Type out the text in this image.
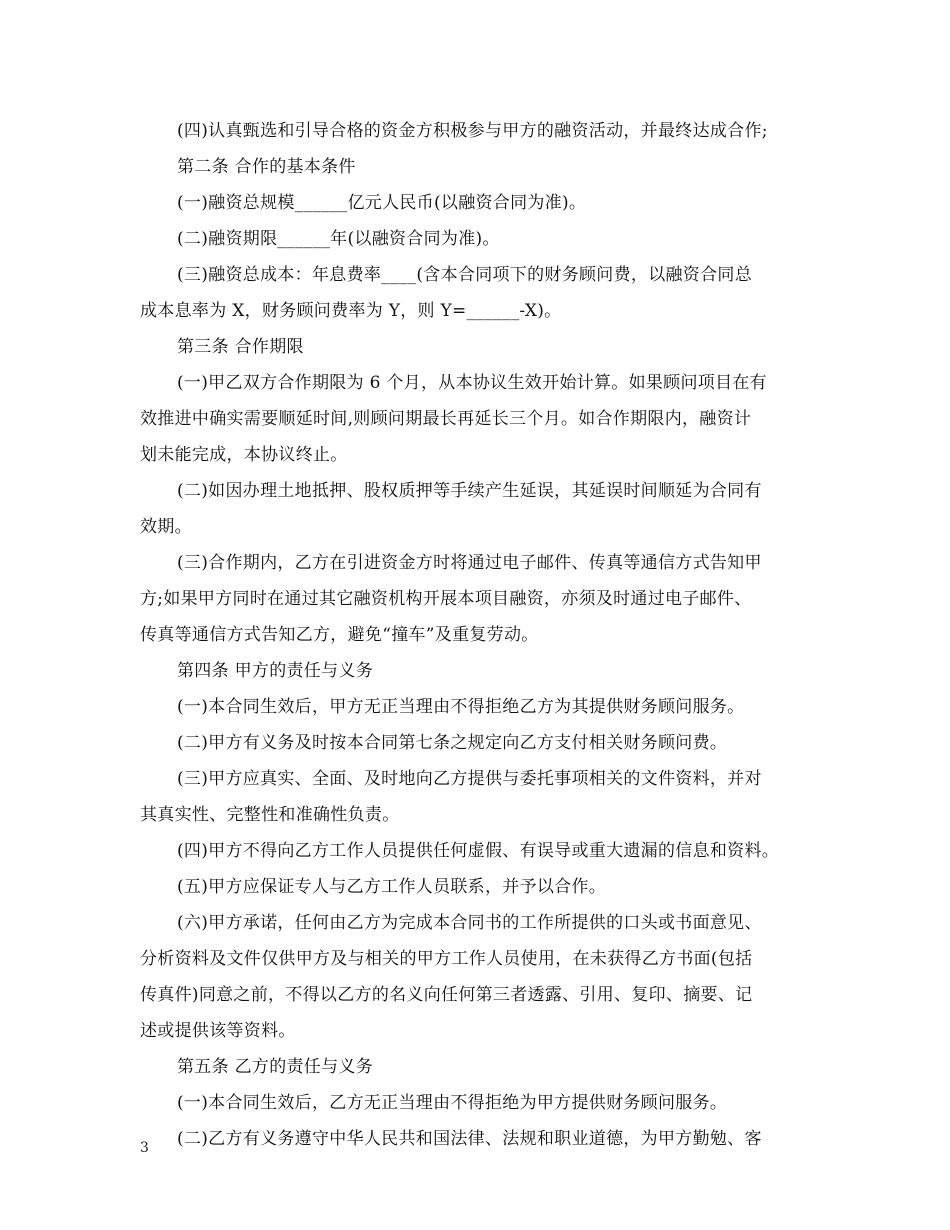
(四)认真甄选和引导合格的资金方积极参与甲方的融资活动，并最终达成合作;
第二条 合作的基本条件
(一)融资总规模______亿元人民币(以融资合同为准)。
(二)融资期限______年(以融资合同为准)。
(三)融资总成本：年息费率____(含本合同项下的财务顾问费，以融资合同总
成本息率为 X，财务顾问费率为 Y，则 Y=______-X)。
第三条 合作期限
(一)甲乙双方合作期限为 6 个月，从本协议生效开始计算。如果顾问项目在有
效推进中确实需要顺延时间,则顾问期最长再延长三个月。如合作期限内，融资计
划未能完成，本协议终止。
(二)如因办理土地抵押、股权质押等手续产生延误，其延误时间顺延为合同有
效期。
(三)合作期内，乙方在引进资金方时将通过电子邮件、传真等通信方式告知甲
方;如果甲方同时在通过其它融资机构开展本项目融资，亦须及时通过电子邮件、
传真等通信方式告知乙方，避免“撞车”及重复劳动。
第四条 甲方的责任与义务
(一)本合同生效后，甲方无正当理由不得拒绝乙方为其提供财务顾问服务。
(二)甲方有义务及时按本合同第七条之规定向乙方支付相关财务顾问费。
(三)甲方应真实、全面、及时地向乙方提供与委托事项相关的文件资料，并对
其真实性、完整性和准确性负责。
(四)甲方不得向乙方工作人员提供任何虚假、有误导或重大遗漏的信息和资料。
(五)甲方应保证专人与乙方工作人员联系，并予以合作。
(六)甲方承诺，任何由乙方为完成本合同书的工作所提供的口头或书面意见、
分析资料及文件仅供甲方及与相关的甲方工作人员使用，在未获得乙方书面(包括
传真件)同意之前，不得以乙方的名义向任何第三者透露、引用、复印、摘要、记
述或提供该等资料。
第五条 乙方的责任与义务
(一)本合同生效后，乙方无正当理由不得拒绝为甲方提供财务顾问服务。
(二)乙方有义务遵守中华人民共和国法律、法规和职业道德，为甲方勤勉、客
3
